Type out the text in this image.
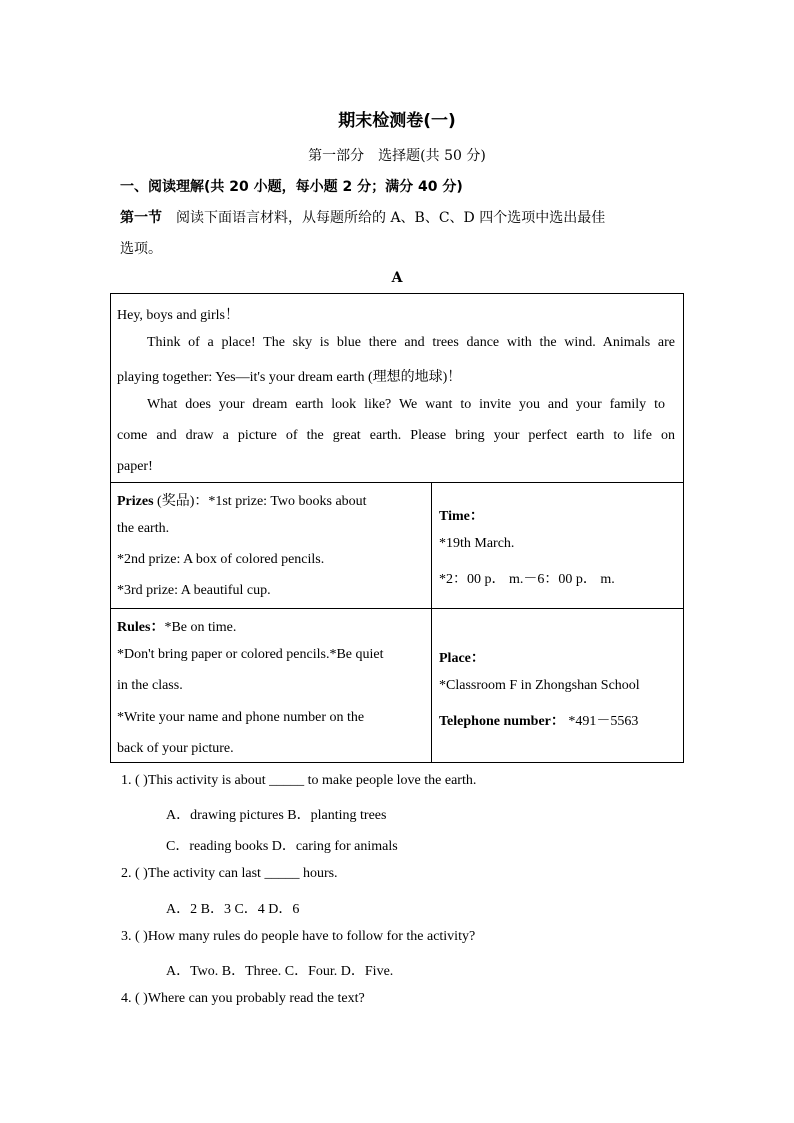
期末检测卷(一)
第一部分　选择题(共 50 分)
一、阅读理解(共 20 小题，每小题 2 分；满分 40 分)
第一节　 阅读下面语言材料，从每题所给的 A、B、C、D 四个选项中选出最佳
选项。
A
Hey, boys and girls！
Think of a place! The sky is blue there and trees dance with the wind. Animals are
playing together: Yes—it's your dream earth (理想的地球)！
What does your dream earth look like? We want to invite you and your family to
come and draw a picture of the great earth. Please bring your perfect earth to life on
paper!
Prizes (奖品)：*1st prize: Two books about
the earth.
*2nd prize: A box of colored pencils.
*3rd prize: A beautiful cup.
Time：
*19th March.
*2：00 p． m.－6：00 p． m.
Rules：*Be on time.
*Don't bring paper or colored pencils.*Be quiet
in the class.
*Write your name and phone number on the
back of your picture.
Place：
*Classroom F in Zhongshan School
Telephone number： *491－5563
1. ( )This activity is about _____ to make people love the earth.
A．drawing pictures B．planting trees
C．reading books D．caring for animals
2. ( )The activity can last _____ hours.
A．2 B．3 C．4 D．6
3. ( )How many rules do people have to follow for the activity?
A．Two. B．Three. C．Four. D．Five.
4. ( )Where can you probably read the text?
